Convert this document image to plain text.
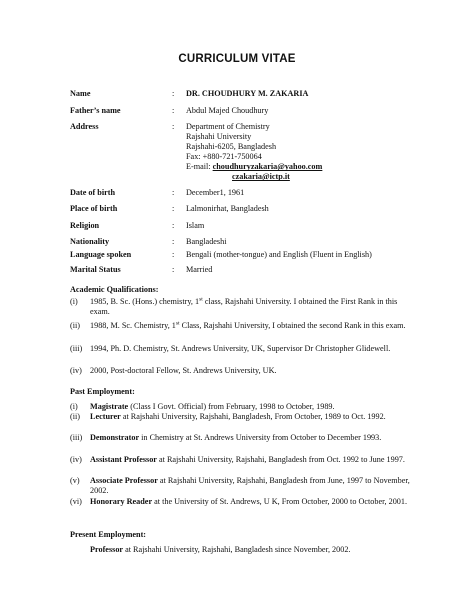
CURRICULUM VITAE
Name	: DR. CHOUDHURY M. ZAKARIA
Father’s name	: Abdul Majed Choudhury
Address	: Department of Chemistry
Rajshahi University
Rajshahi-6205, Bangladesh
Fax: +880-721-750064
E-mail: choudhuryzakaria@yahoo.com
czakaria@ictp.it
Date of birth	: December1, 1961
Place of birth	: Lalmonirhat, Bangladesh
Religion	: Islam
Nationality	: Bangladeshi
Language spoken	: Bengali (mother-tongue) and English (Fluent in English)
Marital Status	: Married
Academic Qualifications:
(i) 1985, B. Sc. (Hons.) chemistry, 1st class, Rajshahi University. I obtained the First Rank in this exam.
(ii) 1988, M. Sc. Chemistry, 1st Class, Rajshahi University, I obtained the second Rank in this exam.
(iii) 1994, Ph. D. Chemistry, St. Andrews University, UK, Supervisor Dr Christopher Glidewell.
(iv) 2000, Post-doctoral Fellow, St. Andrews University, UK.
Past Employment:
(i) Magistrate (Class I Govt. Official) from February, 1998 to October, 1989.
(ii) Lecturer at Rajshahi University, Rajshahi, Bangladesh, From October, 1989 to Oct. 1992.
(iii) Demonstrator in Chemistry at St. Andrews University from October to December 1993.
(iv) Assistant Professor at Rajshahi University, Rajshahi, Bangladesh from Oct. 1992 to June 1997.
(v) Associate Professor at Rajshahi University, Rajshahi, Bangladesh from June, 1997 to November, 2002.
(vi) Honorary Reader at the University of St. Andrews, U K, From October, 2000 to October, 2001.
Present Employment:
Professor at Rajshahi University, Rajshahi, Bangladesh since November, 2002.
